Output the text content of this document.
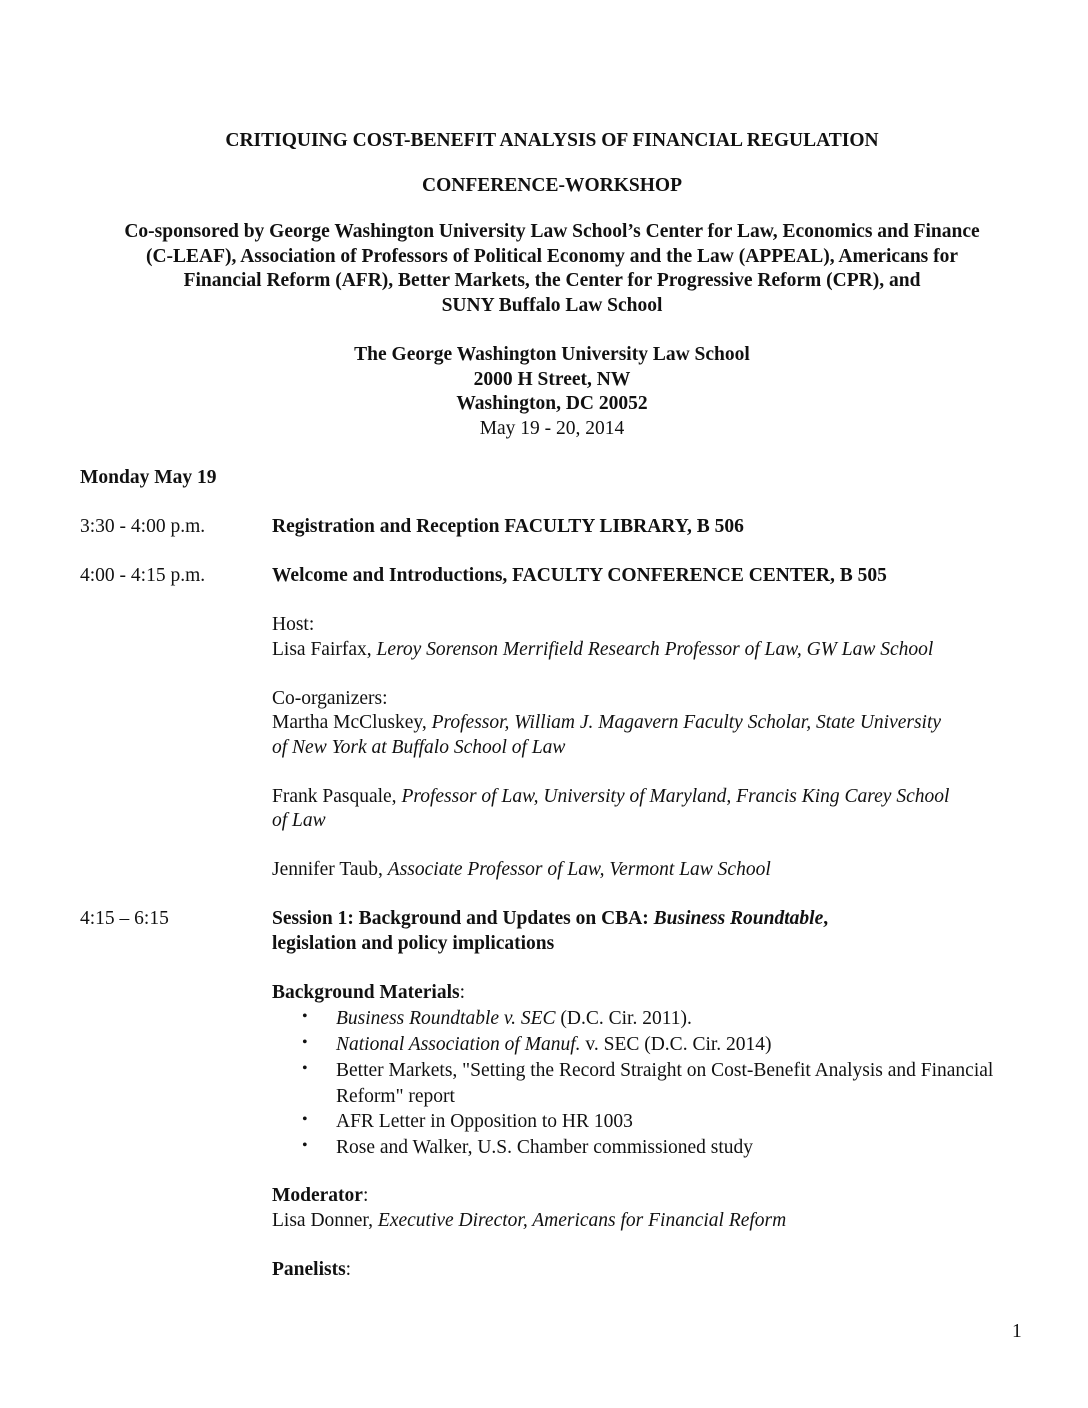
CRITIQUING COST-BENEFIT ANALYSIS OF FINANCIAL REGULATION
CONFERENCE-WORKSHOP
Co-sponsored by George Washington University Law School’s Center for Law, Economics and Finance
(C-LEAF), Association of Professors of Political Economy and the Law (APPEAL), Americans for
Financial Reform (AFR), Better Markets, the Center for Progressive Reform (CPR), and
SUNY Buffalo Law School
The George Washington University Law School
2000 H Street, NW
Washington, DC 20052
May 19 - 20, 2014
Monday May 19
3:30 - 4:00 p.m.	Registration and Reception FACULTY LIBRARY, B 506
4:00 - 4:15 p.m.	Welcome and Introductions, FACULTY CONFERENCE CENTER, B 505
Host:
Lisa Fairfax, Leroy Sorenson Merrifield Research Professor of Law, GW Law School
Co-organizers:
Martha McCluskey, Professor, William J. Magavern Faculty Scholar, State University
of New York at Buffalo School of Law
Frank Pasquale, Professor of Law, University of Maryland, Francis King Carey School
of Law
Jennifer Taub, Associate Professor of Law, Vermont Law School
4:15 – 6:15	Session 1: Background and Updates on CBA: Business Roundtable,
legislation and policy implications
Background Materials:
•	Business Roundtable v. SEC (D.C. Cir. 2011).
•	National Association of Manuf. v. SEC (D.C. Cir. 2014)
•	Better Markets, "Setting the Record Straight on Cost-Benefit Analysis and Financial Reform" report
•	AFR Letter in Opposition to HR 1003
•	Rose and Walker, U.S. Chamber commissioned study
Moderator:
Lisa Donner, Executive Director, Americans for Financial Reform
Panelists:
1
